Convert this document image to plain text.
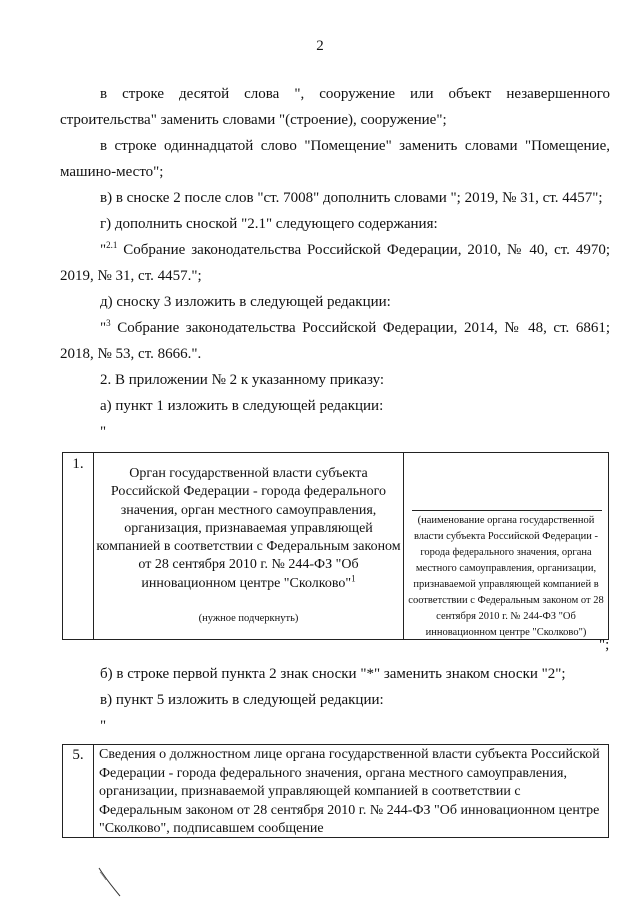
2

в строке десятой слова ", сооружение или объект незавершенного строительства" заменить словами "(строение), сооружение";

в строке одиннадцатой слово "Помещение" заменить словами "Помещение, машино-место";

в) в сноске 2 после слов "ст. 7008" дополнить словами "; 2019, № 31, ст. 4457";

г) дополнить сноской "2.1" следующего содержания:

"$^{2.1}$ Собрание законодательства Российской Федерации, 2010, № 40, ст. 4970; 2019, № 31, ст. 4457.";

д) сноску 3 изложить в следующей редакции:

"$^3$ Собрание законодательства Российской Федерации, 2014, № 48, ст. 6861; 2018, № 53, ст. 8666.".

2. В приложении № 2 к указанному приказу:

а) пункт 1 изложить в следующей редакции:

"

1.
Орган государственной власти субъекта Российской Федерации - города федерального значения, орган местного самоуправления, организация, признаваемая управляющей компанией в соответствии с Федеральным законом от 28 сентября 2010 г. № 244-ФЗ "Об инновационном центре "Сколково"$^1$
(нужное подчеркнуть)
(наименование органа государственной власти субъекта Российской Федерации - города федерального значения, органа местного самоуправления, организации, признаваемой управляющей компанией в соответствии с Федеральным законом от 28 сентября 2010 г. № 244-ФЗ "Об инновационном центре "Сколково")

";

б) в строке первой пункта 2 знак сноски "*" заменить знаком сноски "2";

в) пункт 5 изложить в следующей редакции:

"

5.	Сведения о должностном лице органа государственной власти субъекта Российской Федерации - города федерального значения, органа местного самоуправления, организации, признаваемой управляющей компанией в соответствии с Федеральным законом от 28 сентября 2010 г. № 244-ФЗ "Об инновационном центре "Сколково", подписавшем сообщение
